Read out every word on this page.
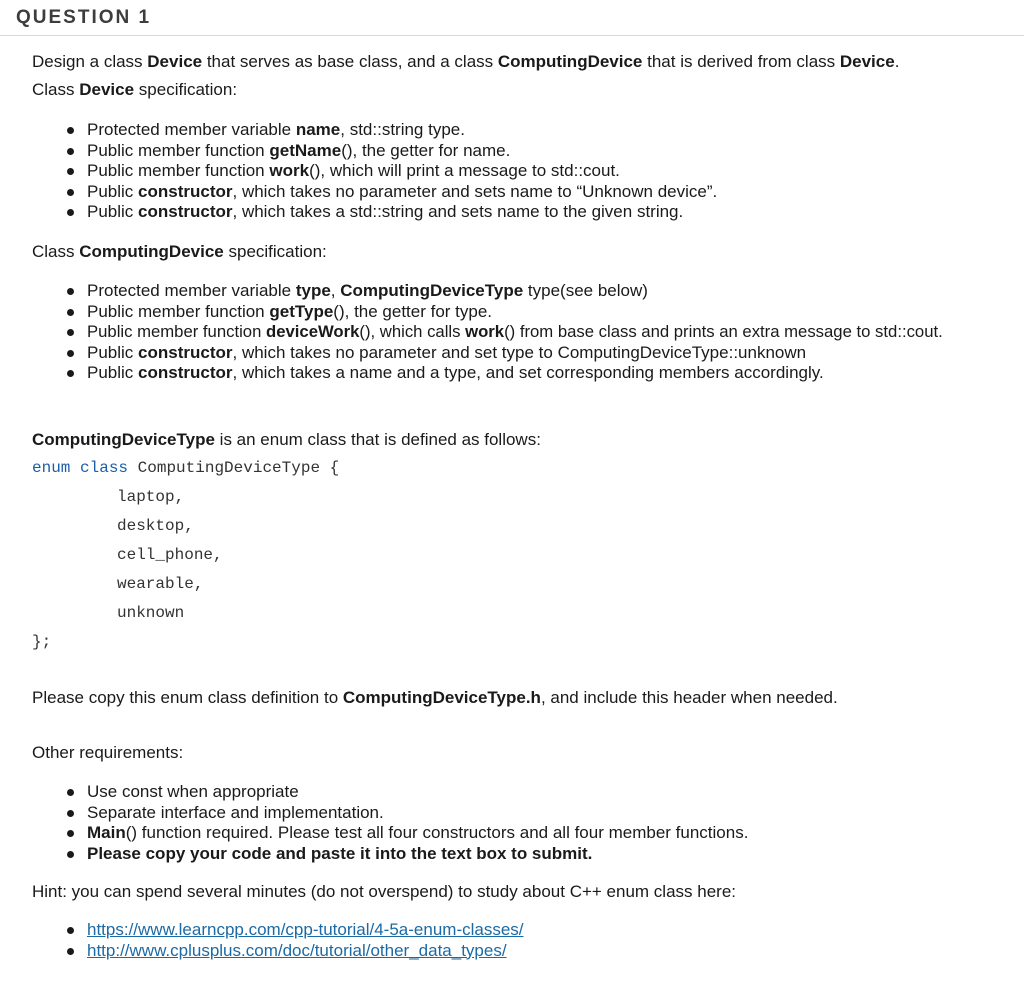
QUESTION 1

Design a class Device that serves as base class, and a class ComputingDevice that is derived from class Device.

Class Device specification:

Protected member variable name, std::string type.
Public member function getName(), the getter for name.
Public member function work(), which will print a message to std::cout.
Public constructor, which takes no parameter and sets name to “Unknown device”.
Public constructor, which takes a std::string and sets name to the given string.

Class ComputingDevice specification:

Protected member variable type, ComputingDeviceType type(see below)
Public member function getType(), the getter for type.
Public member function deviceWork(), which calls work() from base class and prints an extra message to std::cout.
Public constructor, which takes no parameter and set type to ComputingDeviceType::unknown
Public constructor, which takes a name and a type, and set corresponding members accordingly.

ComputingDeviceType is an enum class that is defined as follows:

enum class ComputingDeviceType {
laptop,
desktop,
cell_phone,
wearable,
unknown
};

Please copy this enum class definition to ComputingDeviceType.h, and include this header when needed.

Other requirements:

Use const when appropriate
Separate interface and implementation.
Main() function required. Please test all four constructors and all four member functions.
Please copy your code and paste it into the text box to submit.

Hint: you can spend several minutes (do not overspend) to study about C++ enum class here:

https://www.learncpp.com/cpp-tutorial/4-5a-enum-classes/
http://www.cplusplus.com/doc/tutorial/other_data_types/
